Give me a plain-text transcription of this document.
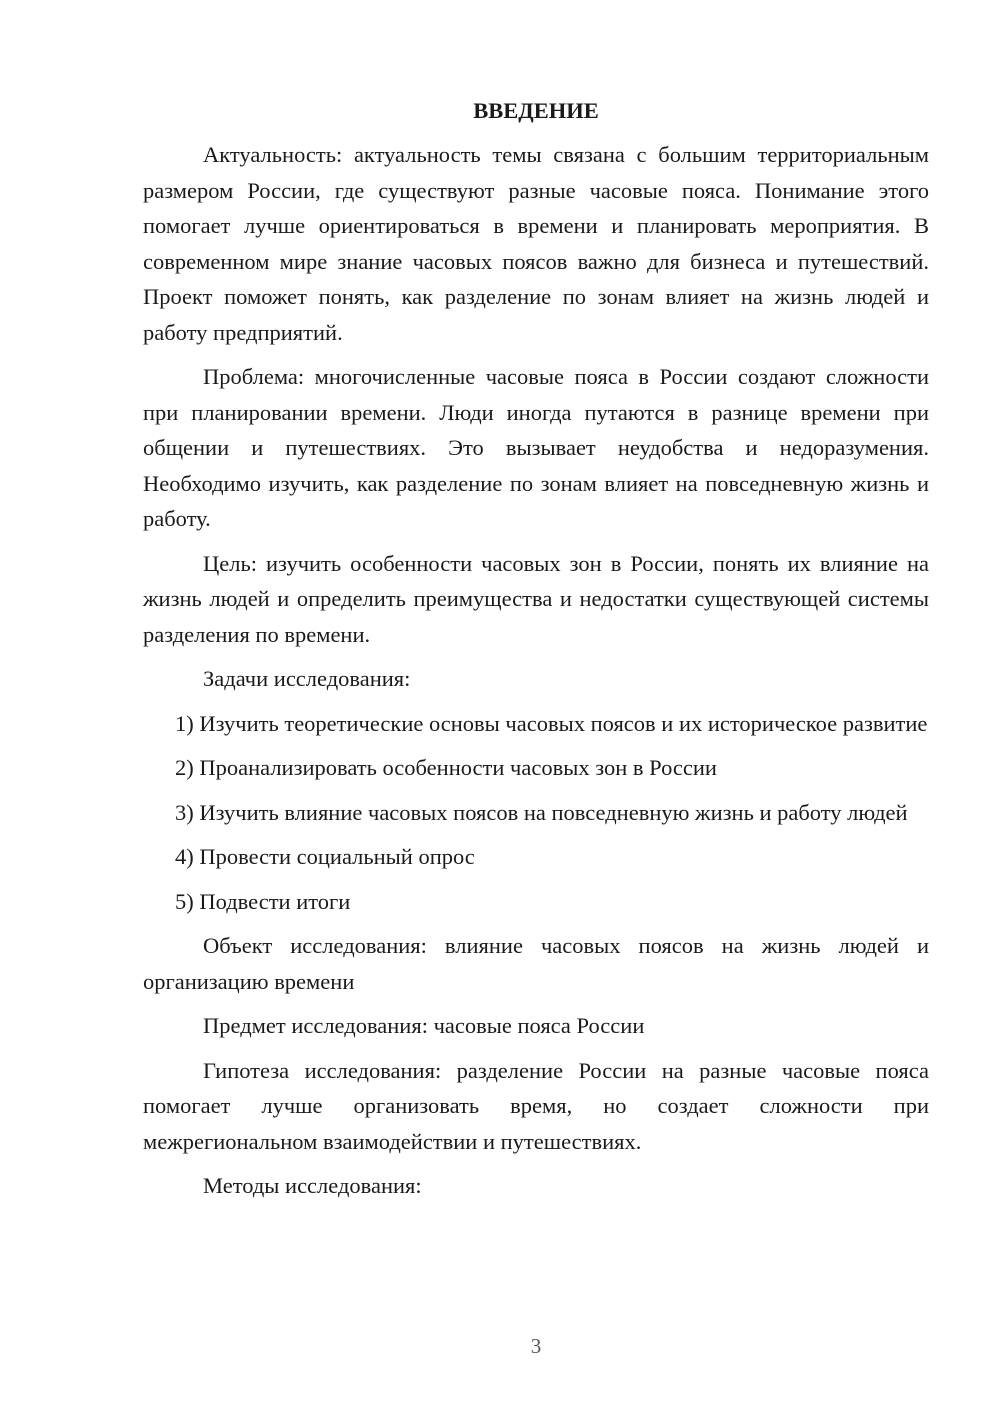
ВВЕДЕНИЕ

Актуальность: актуальность темы связана с большим территориальным размером России, где существуют разные часовые пояса. Понимание этого помогает лучше ориентироваться в времени и планировать мероприятия. В современном мире знание часовых поясов важно для бизнеса и путешествий. Проект поможет понять, как разделение по зонам влияет на жизнь людей и работу предприятий.

Проблема: многочисленные часовые пояса в России создают сложности при планировании времени. Люди иногда путаются в разнице времени при общении и путешествиях. Это вызывает неудобства и недоразумения. Необходимо изучить, как разделение по зонам влияет на повседневную жизнь и работу.

Цель: изучить особенности часовых зон в России, понять их влияние на жизнь людей и определить преимущества и недостатки существующей системы разделения по времени.

Задачи исследования:

1) Изучить теоретические основы часовых поясов и их историческое развитие

2) Проанализировать особенности часовых зон в России

3) Изучить влияние часовых поясов на повседневную жизнь и работу людей

4) Провести социальный опрос

5) Подвести итоги

Объект исследования: влияние часовых поясов на жизнь людей и организацию времени

Предмет исследования: часовые пояса России

Гипотеза исследования: разделение России на разные часовые пояса помогает лучше организовать время, но создает сложности при межрегиональном взаимодействии и путешествиях.

Методы исследования:

3
